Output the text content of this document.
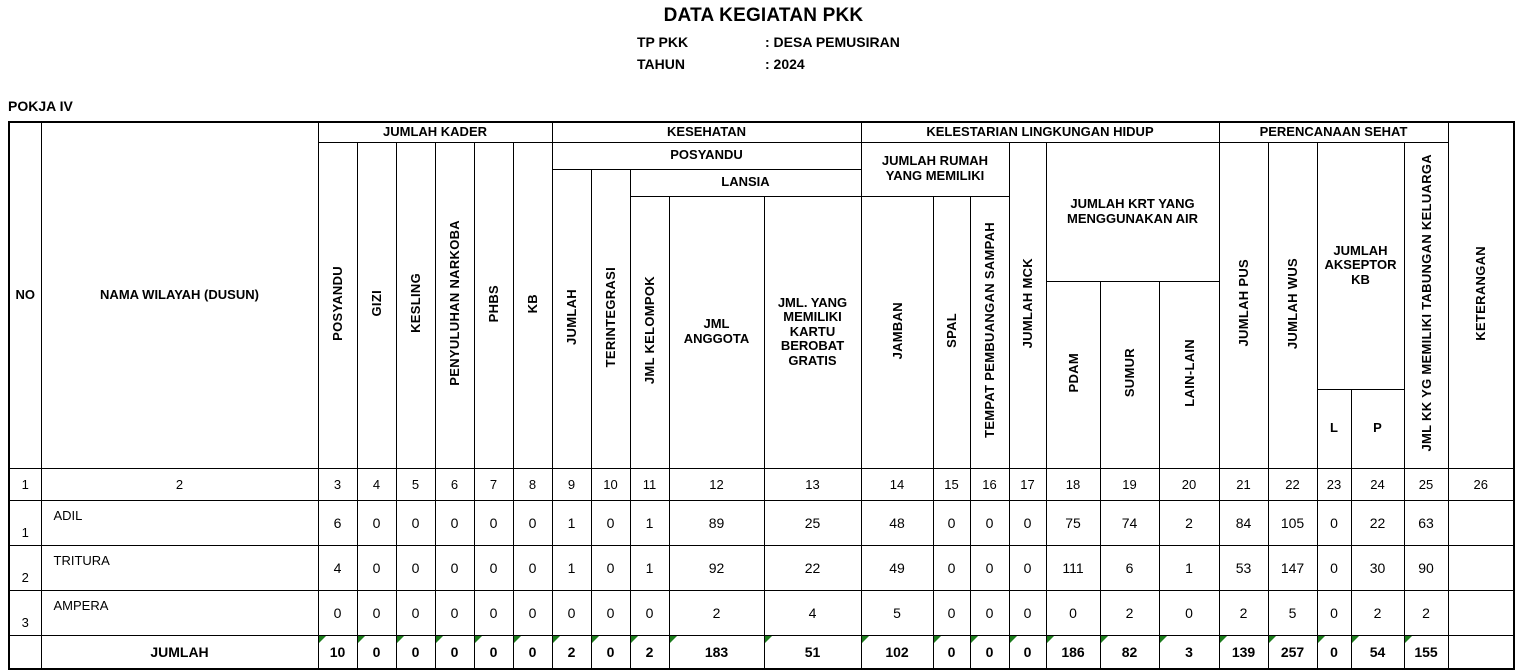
DATA KEGIATAN PKK
TP PKK	: DESA PEMUSIRAN
TAHUN	: 2024
POKJA IV
NO	NAMA WILAYAH (DUSUN)	JUMLAH KADER						KESEHATAN					KELESTARIAN LINGKUNGAN HIDUP							PERENCANAAN SEHAT					KETERANGAN
		POSYANDU	GIZI	KESLING	PENYULUHAN NARKOBA	PHBS	KB	POSYANDU					JUMLAH RUMAH YANG MEMILIKI			JUMLAH MCK	JUMLAH KRT YANG MENGGUNAKAN AIR			JUMLAH PUS	JUMLAH WUS	JUMLAH AKSEPTOR KB		JML KK YG MEMILIKI TABUNGAN KELUARGA	
								JUMLAH	TERINTEGRASI	LANSIA															
										JML KELOMPOK	JML ANGGOTA	JML. YANG MEMILIKI KARTU BEROBAT GRATIS	JAMBAN	SPAL	TEMPAT PEMBUANGAN SAMPAH										
																	PDAM	SUMUR	LAIN-LAIN						
																						L	P		
1	2	3	4	5	6	7	8	9	10	11	12	13	14	15	16	17	18	19	20	21	22	23	24	25	26
1	ADIL	6	0	0	0	0	0	1	0	1	89	25	48	0	0	0	75	74	2	84	105	0	22	63	
2	TRITURA	4	0	0	0	0	0	1	0	1	92	22	49	0	0	0	111	6	1	53	147	0	30	90	
3	AMPERA	0	0	0	0	0	0	0	0	0	2	4	5	0	0	0	0	2	0	2	5	0	2	2	
	JUMLAH	10	0	0	0	0	0	2	0	2	183	51	102	0	0	0	186	82	3	139	257	0	54	155	
